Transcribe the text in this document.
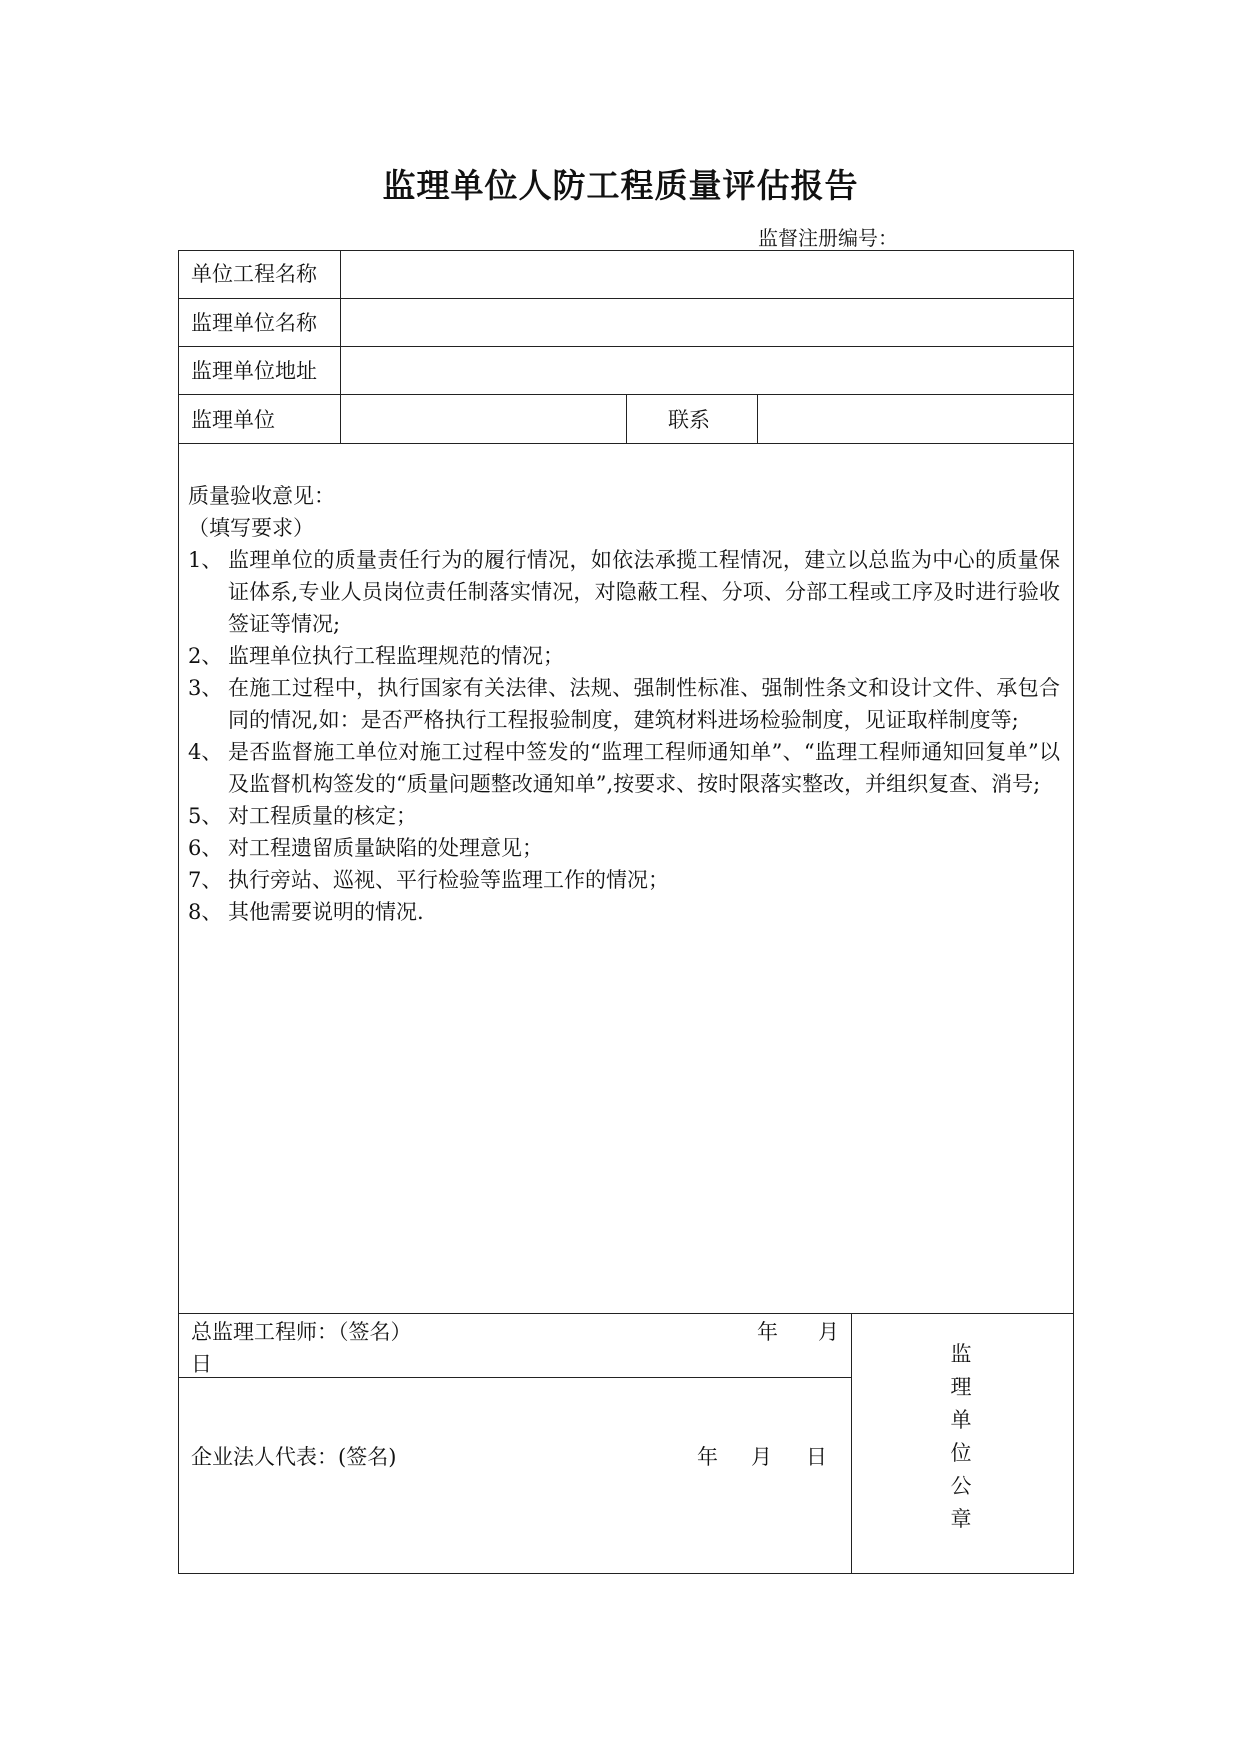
监理单位人防工程质量评估报告
监督注册编号：
单位工程名称
监理单位名称
监理单位地址
监理单位	联系
质量验收意见：
（填写要求）
1、 监理单位的质量责任行为的履行情况，如依法承揽工程情况，建立以总监为中心的质量保证体系,专业人员岗位责任制落实情况，对隐蔽工程、分项、分部工程或工序及时进行验收签证等情况;
2、 监理单位执行工程监理规范的情况；
3、 在施工过程中，执行国家有关法律、法规、强制性标准、强制性条文和设计文件、承包合同的情况,如：是否严格执行工程报验制度，建筑材料进场检验制度，见证取样制度等;
4、 是否监督施工单位对施工过程中签发的“监理工程师通知单”、“监理工程师通知回复单”以及监督机构签发的“质量问题整改通知单”,按要求、按时限落实整改，并组织复查、消号;
5、 对工程质量的核定；
6、 对工程遗留质量缺陷的处理意见；
7、 执行旁站、巡视、平行检验等监理工作的情况；
8、 其他需要说明的情况.
总监理工程师：（签名）	年 月
日
企业法人代表：(签名)	年 月 日
监
理
单
位
公
章
